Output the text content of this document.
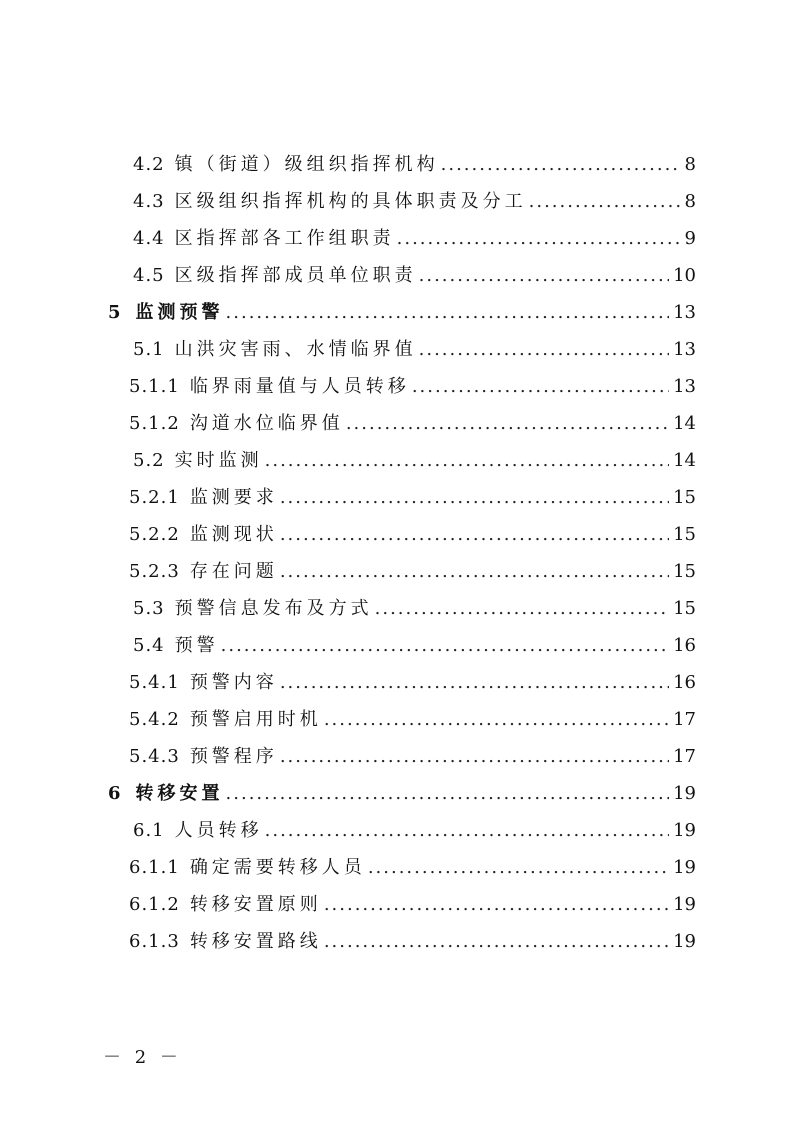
4.2 镇（街道）级组织指挥机构 .....	8
4.3 区级组织指挥机构的具体职责及分工 .....	8
4.4 区指挥部各工作组职责 .....	9
4.5 区级指挥部成员单位职责 .....	10
5 监测预警 .....	13
5.1 山洪灾害雨、水情临界值 .....	13
5.1.1 临界雨量值与人员转移 .....	13
5.1.2 沟道水位临界值 .....	14
5.2 实时监测 .....	14
5.2.1 监测要求 .....	15
5.2.2 监测现状 .....	15
5.2.3 存在问题 .....	15
5.3 预警信息发布及方式 .....	15
5.4 预警 .....	16
5.4.1 预警内容 .....	16
5.4.2 预警启用时机 .....	17
5.4.3 预警程序 .....	17
6 转移安置 .....	19
6.1 人员转移 .....	19
6.1.1 确定需要转移人员 .....	19
6.1.2 转移安置原则 .....	19
6.1.3 转移安置路线 .....	19
－ 2 －
